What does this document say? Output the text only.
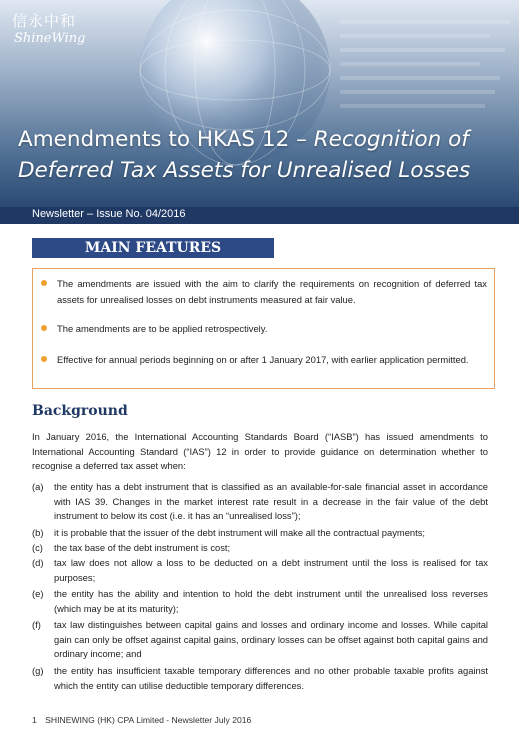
信永中和
ShineWing
Amendments to HKAS 12 – Recognition of
Deferred Tax Assets for Unrealised Losses
Newsletter – Issue No. 04/2016
MAIN FEATURES
The amendments are issued with the aim to clarify the requirements on recognition of deferred tax assets for unrealised losses on debt instruments measured at fair value.
The amendments are to be applied retrospectively.
Effective for annual periods beginning on or after 1 January 2017, with earlier application permitted.
Background
In January 2016, the International Accounting Standards Board (“IASB”) has issued amendments to International Accounting Standard (“IAS”) 12 in order to provide guidance on determination whether to recognise a deferred tax asset when:
(a) the entity has a debt instrument that is classified as an available-for-sale financial asset in accordance with IAS 39. Changes in the market interest rate result in a decrease in the fair value of the debt instrument to below its cost (i.e. it has an “unrealised loss”);
(b) it is probable that the issuer of the debt instrument will make all the contractual payments;
(c) the tax base of the debt instrument is cost;
(d) tax law does not allow a loss to be deducted on a debt instrument until the loss is realised for tax purposes;
(e) the entity has the ability and intention to hold the debt instrument until the unrealised loss reverses (which may be at its maturity);
(f) tax law distinguishes between capital gains and losses and ordinary income and losses. While capital gain can only be offset against capital gains, ordinary losses can be offset against both capital gains and ordinary income; and
(g) the entity has insufficient taxable temporary differences and no other probable taxable profits against which the entity can utilise deductible temporary differences.
1 SHINEWING (HK) CPA Limited - Newsletter July 2016
